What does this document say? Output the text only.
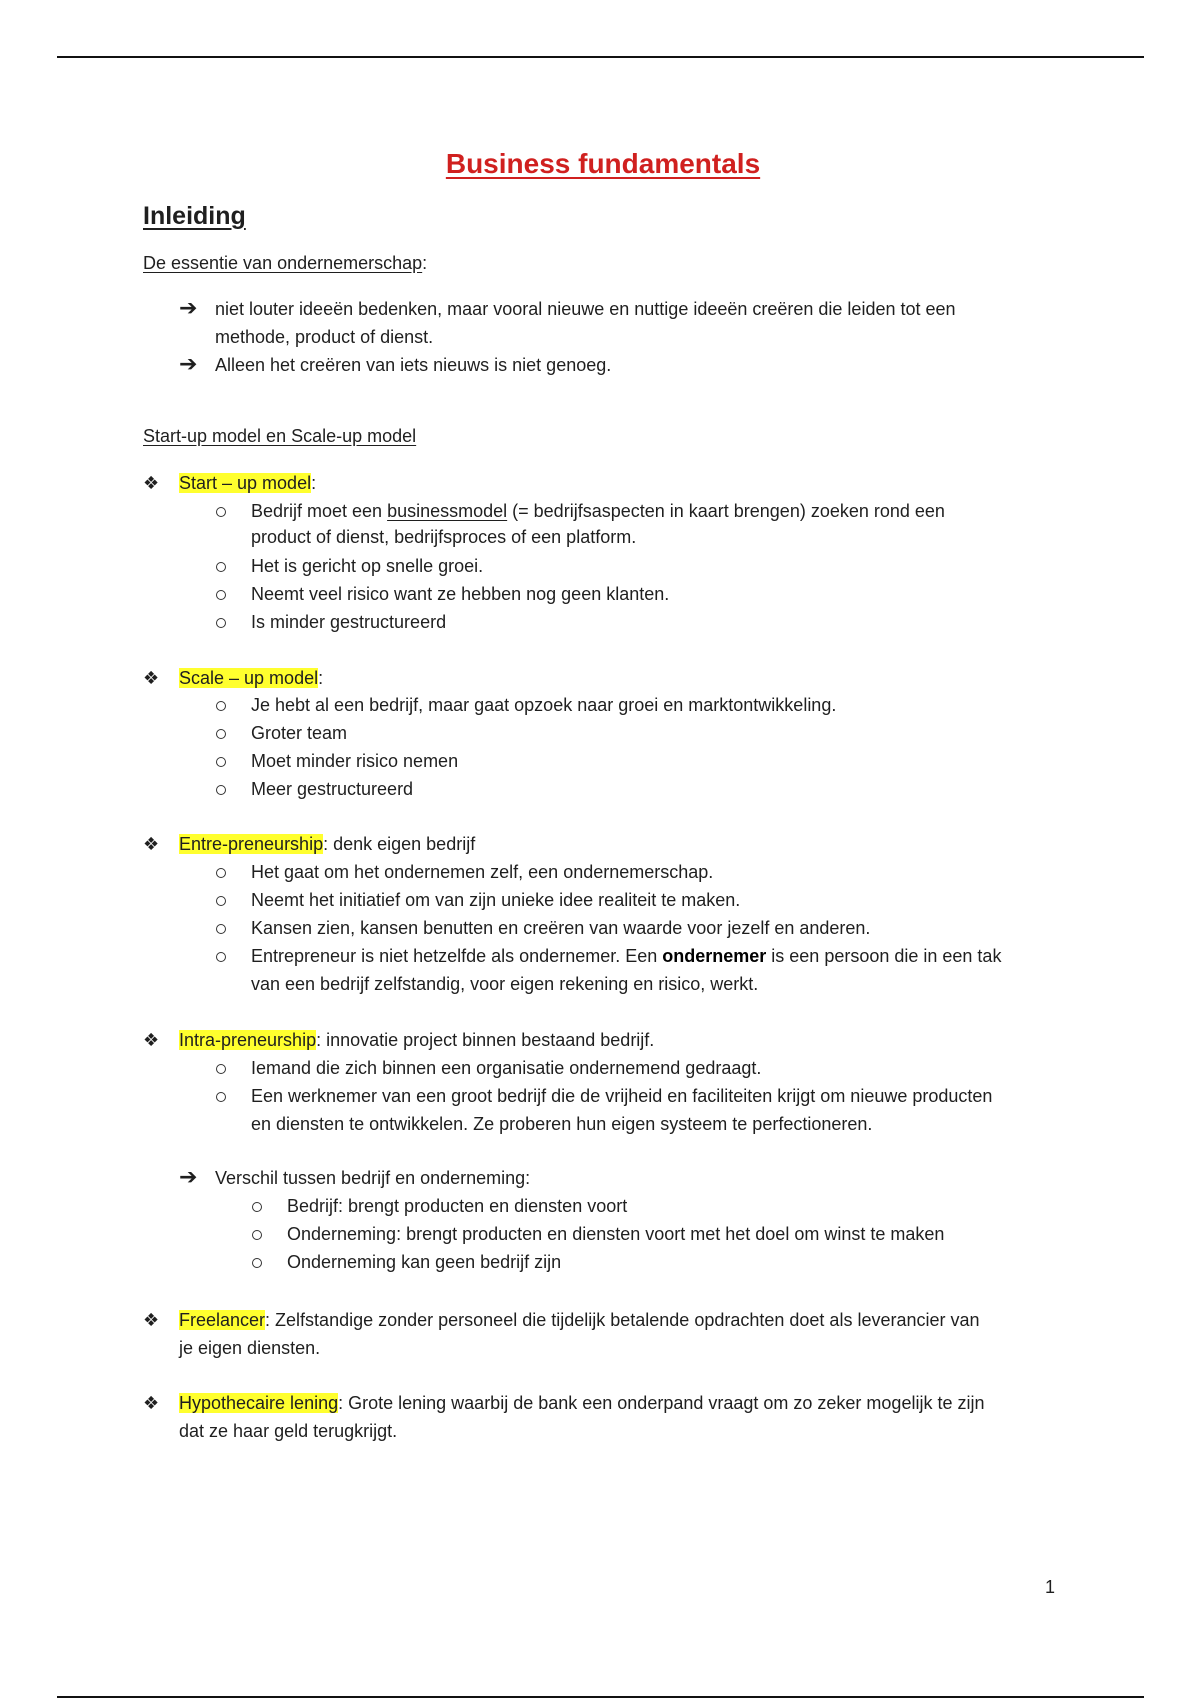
Business fundamentals
Inleiding
De essentie van ondernemerschap:
➔ niet louter ideeën bedenken, maar vooral nieuwe en nuttige ideeën creëren die leiden tot een
methode, product of dienst.
➔ Alleen het creëren van iets nieuws is niet genoeg.
Start-up model en Scale-up model
❖ Start – up model:
Bedrijf moet een businessmodel (= bedrijfsaspecten in kaart brengen) zoeken rond een
product of dienst, bedrijfsproces of een platform.
Het is gericht op snelle groei.
Neemt veel risico want ze hebben nog geen klanten.
Is minder gestructureerd
❖ Scale – up model:
Je hebt al een bedrijf, maar gaat opzoek naar groei en marktontwikkeling.
Groter team
Moet minder risico nemen
Meer gestructureerd
❖ Entre-preneurship: denk eigen bedrijf
Het gaat om het ondernemen zelf, een ondernemerschap.
Neemt het initiatief om van zijn unieke idee realiteit te maken.
Kansen zien, kansen benutten en creëren van waarde voor jezelf en anderen.
Entrepreneur is niet hetzelfde als ondernemer. Een ondernemer is een persoon die in een tak
van een bedrijf zelfstandig, voor eigen rekening en risico, werkt.
❖ Intra-preneurship: innovatie project binnen bestaand bedrijf.
Iemand die zich binnen een organisatie ondernemend gedraagt.
Een werknemer van een groot bedrijf die de vrijheid en faciliteiten krijgt om nieuwe producten
en diensten te ontwikkelen. Ze proberen hun eigen systeem te perfectioneren.
➔ Verschil tussen bedrijf en onderneming:
Bedrijf: brengt producten en diensten voort
Onderneming: brengt producten en diensten voort met het doel om winst te maken
Onderneming kan geen bedrijf zijn
❖ Freelancer: Zelfstandige zonder personeel die tijdelijk betalende opdrachten doet als leverancier van
je eigen diensten.
❖ Hypothecaire lening: Grote lening waarbij de bank een onderpand vraagt om zo zeker mogelijk te zijn
dat ze haar geld terugkrijgt.
1
